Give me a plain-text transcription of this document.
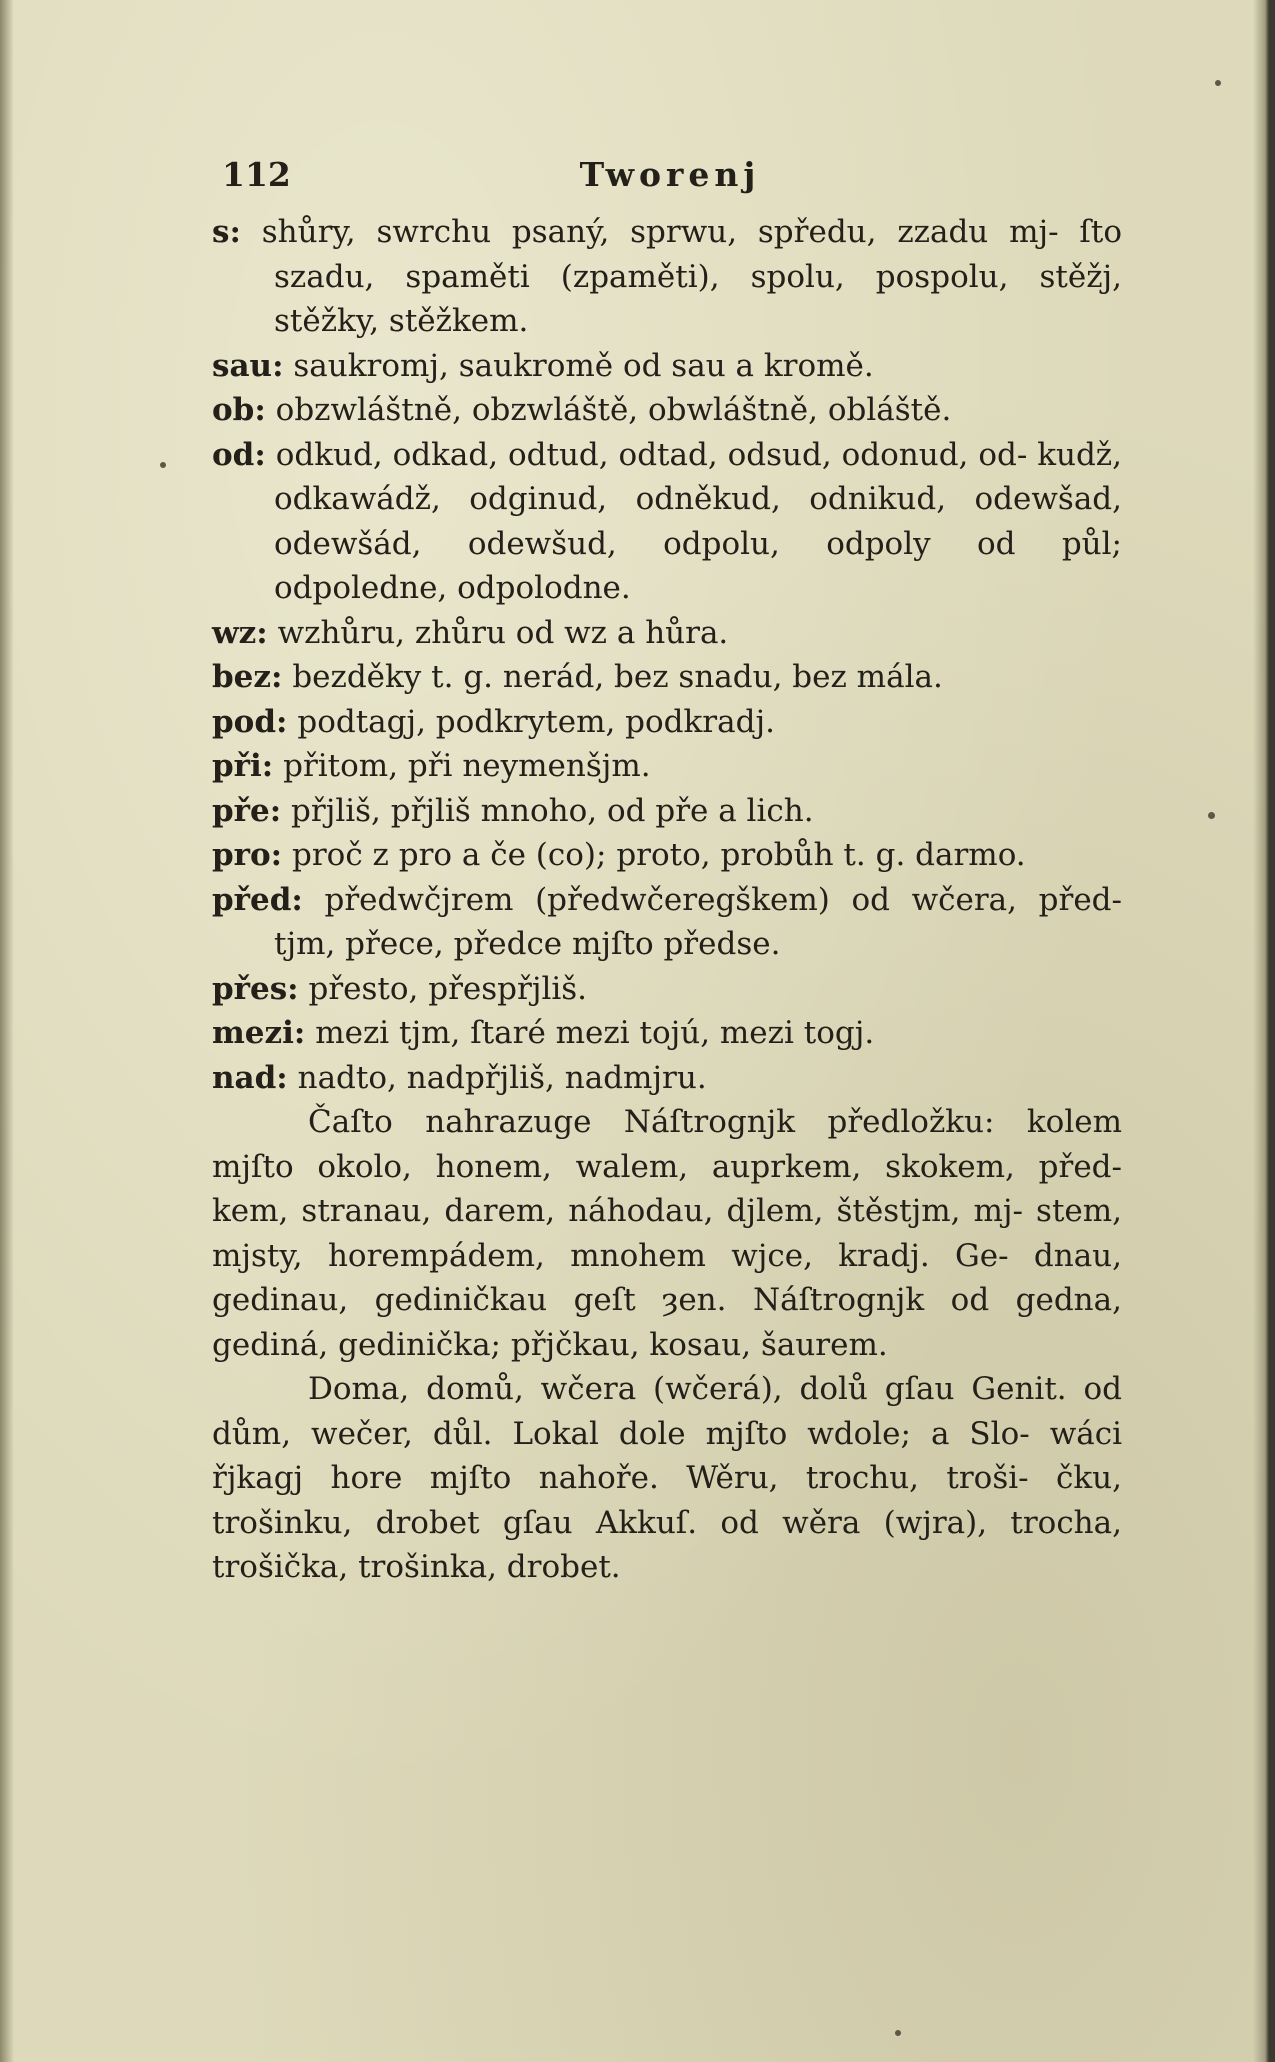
112	Tworenj

s: shůry, swrchu psaný, sprwu, spředu, zzadu mj- ſto szadu, spaměti (zpaměti), spolu, pospolu, stěžj, stěžky, stěžkem.

sau: saukromj, saukromě od sau a kromě.

ob: obzwláštně, obzwláště, obwláštně, obláště.

od: odkud, odkad, odtud, odtad, odsud, odonud, od- kudž, odkawádž, odginud, odněkud, odnikud, odewšad, odewšád, odewšud, odpolu, odpoly od půl; odpoledne, odpolodne.

wz: wzhůru, zhůru od wz a hůra.

bez: bezděky t. g. nerád, bez snadu, bez mála.

pod: podtagj, podkrytem, podkradj.

při: přitom, při neymenšjm.

pře: přjliš, přjliš mnoho, od pře a lich.

pro: proč z pro a če (co); proto, probůh t. g. darmo.

před: předwčjrem (předwčeregškem) od wčera, před- tjm, přece, předce mjſto předse.

přes: přesto, přespřjliš.

mezi: mezi tjm, ſtaré mezi tojú, mezi togj.

nad: nadto, nadpřjliš, nadmjru.

Čaſto nahrazuge Náſtrognjk předložku: kolem mjſto okolo, honem, walem, auprkem, skokem, před- kem, stranau, darem, náhodau, djlem, štěstjm, mj- stem, mjsty, horempádem, mnohem wjce, kradj. Ge- dnau, gedinau, gediničkau geſt ȝen. Náſtrognjk od gedna, gediná, gedinička; přjčkau, kosau, šaurem.

Doma, domů, wčera (wčerá), dolů gſau Genit. od dům, wečer, důl. Lokal dole mjſto wdole; a Slo- wáci řjkagj hore mjſto nahoře. Wěru, trochu, troši- čku, trošinku, drobet gſau Akkuſ. od wěra (wjra), trocha, trošička, trošinka, drobet.
